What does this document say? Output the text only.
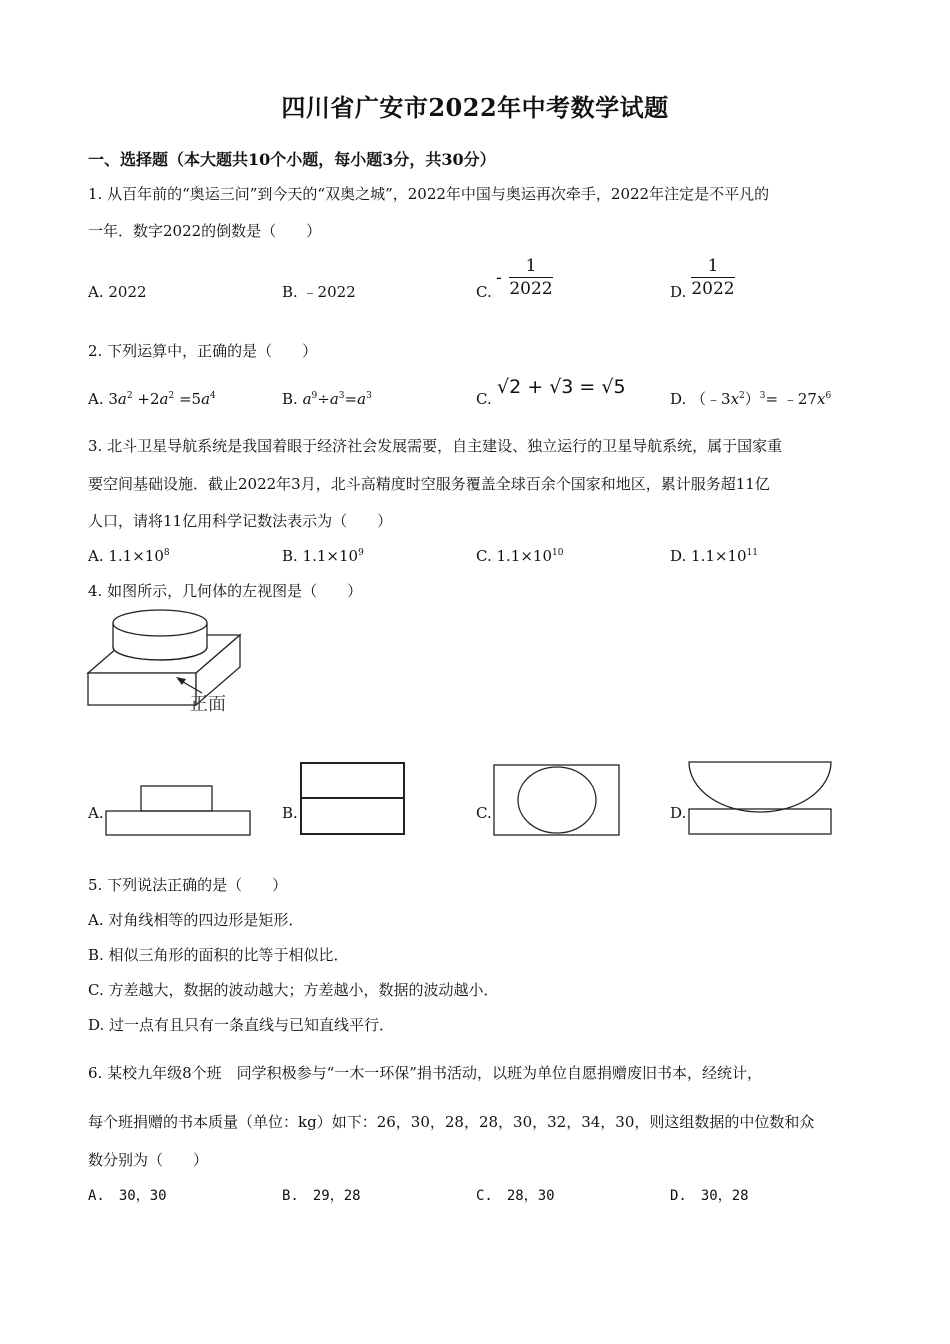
四川省广安市2022年中考数学试题
一、选择题（本大题共10个小题，每小题3分，共30分）
1. 从百年前的“奥运三问”到今天的“双奥之城”，2022年中国与奥运再次牵手，2022年注定是不平凡的
一年．数字2022的倒数是（　　）
A. 2022	B. ﹣2022	C.
-
1
2022	D.
1
2022
2. 下列运算中，正确的是（　　）
A. $3a^2 +2a^2 =5a^4$	B. $a^9\div a^3=a^3$	C.
√2 + √3 = √5
D. $(﹣3x^2)^3=$ $﹣27x^6$
3. 北斗卫星导航系统是我国着眼于经济社会发展需要，自主建设、独立运行的卫星导航系统，属于国家重
要空间基础设施．截止2022年3月，北斗高精度时空服务覆盖全球百余个国家和地区，累计服务超11亿
人口，请将11亿用科学记数法表示为（　　）
A. $1.1\times 10^8$	B. $1.1\times 10^9$	C. $1.1\times 10^{10}$	D. $1.1\times 10^{11}$
4. 如图所示，几何体的左视图是（　　）
正面
A.	B.	C.	D.
5. 下列说法正确的是（　　）
A. 对角线相等的四边形是矩形．
B. 相似三角形的面积的比等于相似比．
C. 方差越大，数据的波动越大；方差越小，数据的波动越小．
D. 过一点有且只有一条直线与已知直线平行．
6. 某校九年级8个班　同学积极参与“一木一环保”捐书活动，以班为单位自愿捐赠废旧书本，经统计，
每个班捐赠的书本质量（单位：kg）如下：26，30，28，28，30，32，34，30，则这组数据的中位数和众
数分别为（　　）
A.　30，30	B.　29，28	C.　28，30	D.　30，28
